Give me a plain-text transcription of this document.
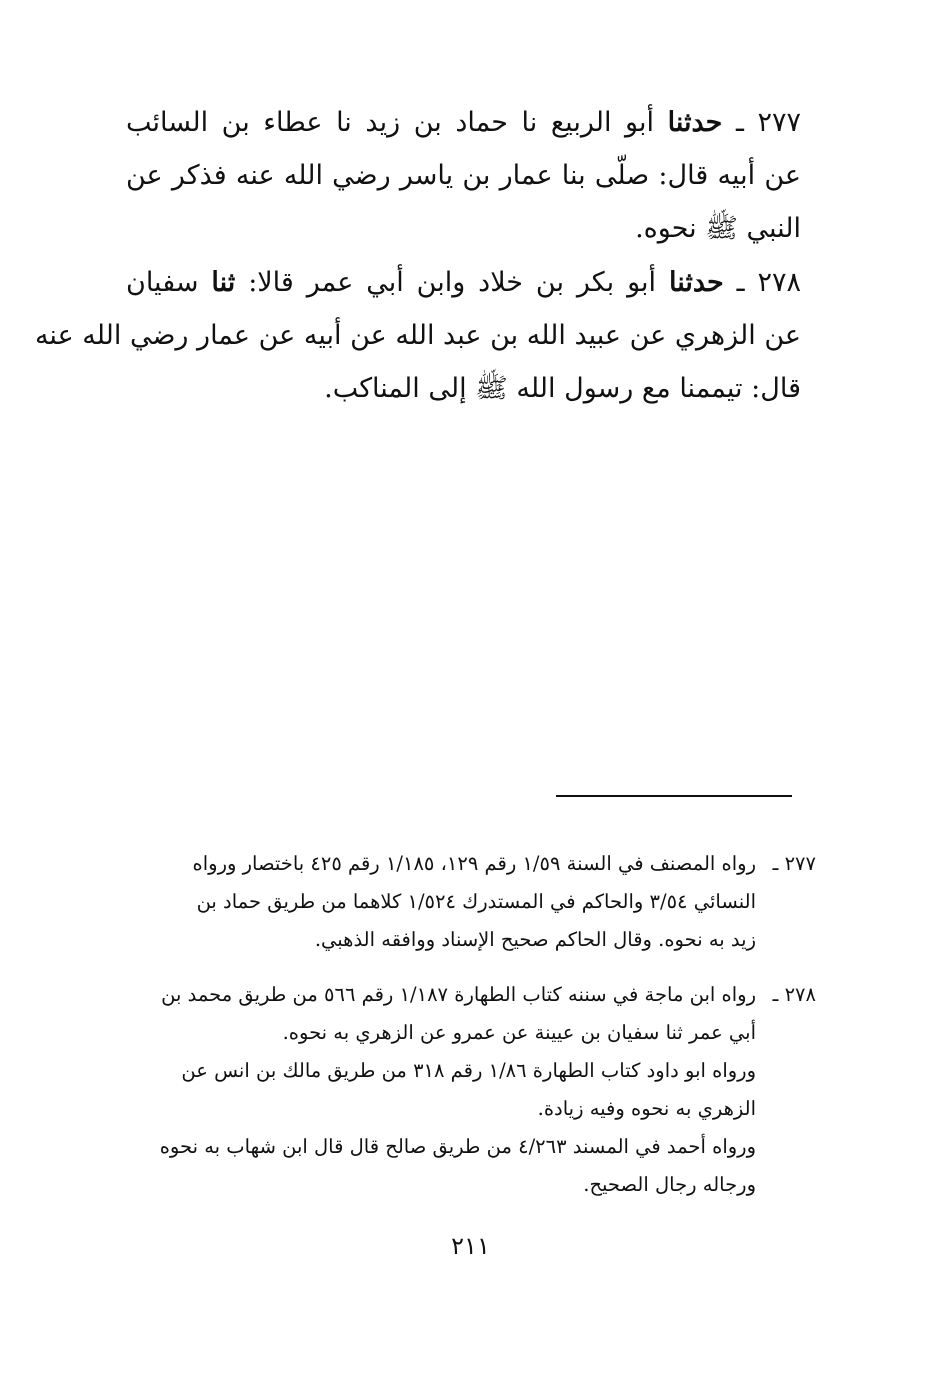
٢٧٧ ـ حدثنا أبو الربيع نا حماد بن زيد نا عطاء بن السائب
عن أبيه قال: صلّى بنا عمار بن ياسر رضي الله عنه فذكر عن
النبي ﷺ نحوه.
٢٧٨ ـ حدثنا أبو بكر بن خلاد وابن أبي عمر قالا: ثنا سفيان
عن الزهري عن عبيد الله بن عبد الله عن أبيه عن عمار رضي الله عنه
قال: تيممنا مع رسول الله ﷺ إلى المناكب.
٢٧٧ ـرواه المصنف في السنة ١/٥٩ رقم ١٢٩، ١/١٨٥ رقم ٤٢٥ باختصار ورواه
النسائي ٣/٥٤ والحاكم في المستدرك ١/٥٢٤ كلاهما من طريق حماد بن
زيد به نحوه. وقال الحاكم صحيح الإسناد ووافقه الذهبي.
٢٧٨ ـرواه ابن ماجة في سننه كتاب الطهارة ١/١٨٧ رقم ٥٦٦ من طريق محمد بن
أبي عمر ثنا سفيان بن عيينة عن عمرو عن الزهري به نحوه.
ورواه ابو داود كتاب الطهارة ١/٨٦ رقم ٣١٨ من طريق مالك بن انس عن
الزهري به نحوه وفيه زيادة.
ورواه أحمد في المسند ٤/٢٦٣ من طريق صالح قال قال ابن شهاب به نحوه
ورجاله رجال الصحيح.
٢١١
